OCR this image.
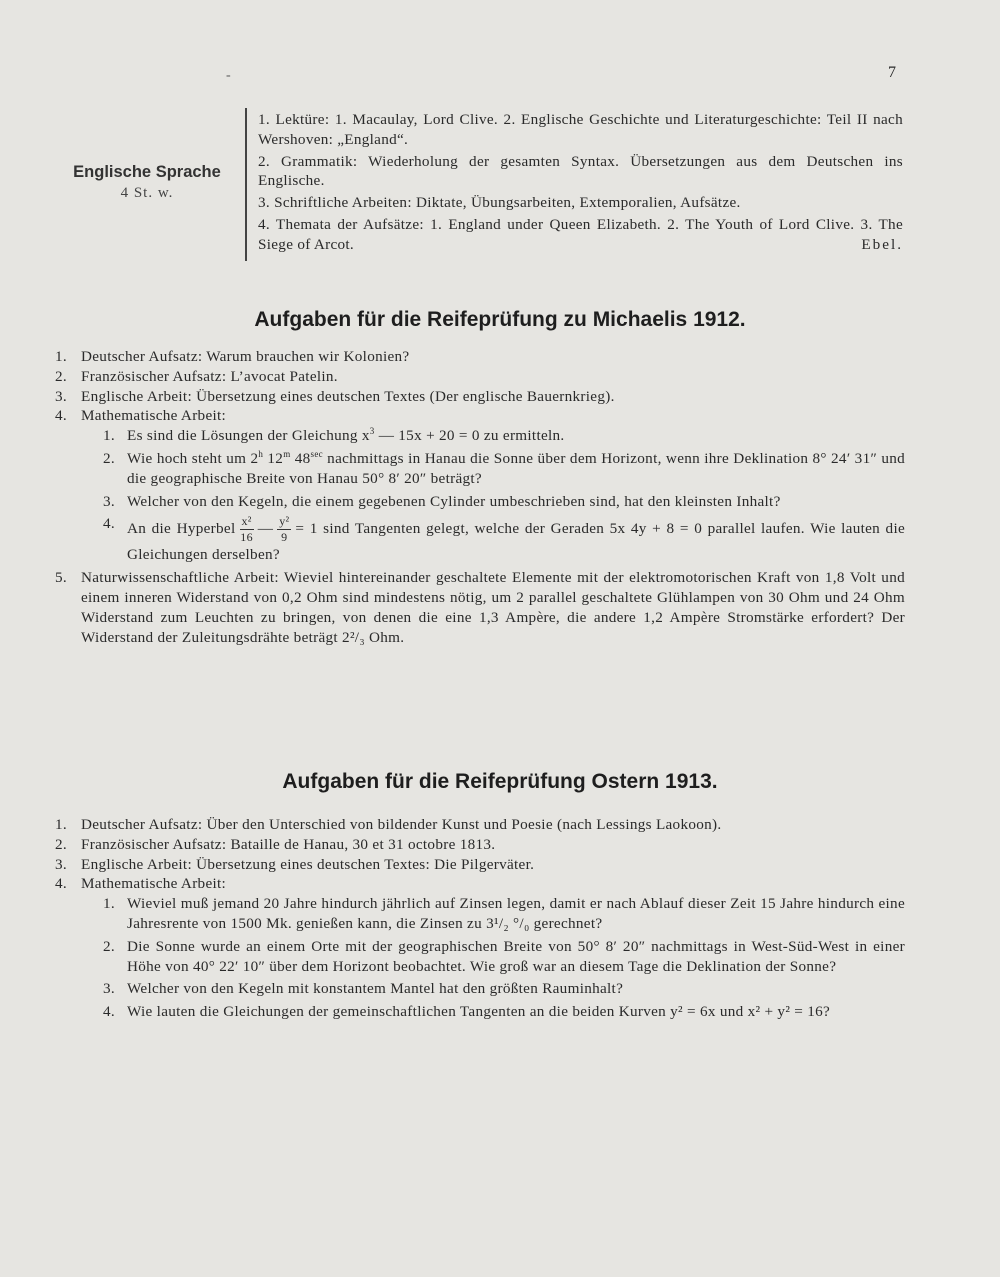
-	7
Englische Sprache
4 St. w.

1. Lektüre: 1. Macaulay, Lord Clive. 2. Englische Geschichte und Literaturgeschichte: Teil II nach Wershoven: „England“.

2. Grammatik: Wiederholung der gesamten Syntax. Übersetzungen aus dem Deutschen ins Englische.

3. Schriftliche Arbeiten: Diktate, Übungsarbeiten, Extemporalien, Aufsätze.

4. Themata der Aufsätze: 1. England under Queen Elizabeth. 2. The Youth of Lord Clive. 3. The Siege of Arcot.	Ebel.

Aufgaben für die Reifeprüfung zu Michaelis 1912.

1. Deutscher Aufsatz: Warum brauchen wir Kolonien?

2. Französischer Aufsatz: L’avocat Patelin.

3. Englische Arbeit: Übersetzung eines deutschen Textes (Der englische Bauernkrieg).

4. Mathematische Arbeit:

1. Es sind die Lösungen der Gleichung $x^3$ — 15x + 20 = 0 zu ermitteln.
2. Wie hoch steht um 2$^h$ 12$^m$ $48^{sec}$ nachmittags in Hanau die Sonne über dem Horizont, wenn ihre Deklination 8° 24′ 31″ und die geographische Breite von Hanau 50° 8′ 20″ beträgt?
3. Welcher von den Kegeln, die einem gegebenen Cylinder umbeschrieben sind, hat den kleinsten Inhalt?
4. An die Hyperbel $\frac{\text{x²}}{16}$ — $\frac{\text{y²}}{9} = 1$ sind Tangenten gelegt, welche der Geraden 5x 4y + 8 = 0 parallel laufen. Wie lauten die Gleichungen derselben?
5. Naturwissenschaftliche Arbeit: Wieviel hintereinander geschaltete Elemente mit der elektromotorischen Kraft von 1,8 Volt und einem inneren Widerstand von 0,2 Ohm sind mindestens nötig, um 2 parallel geschaltete Glühlampen von 30 Ohm und 24 Ohm Widerstand zum Leuchten zu bringen, von denen die eine 1,3 Ampère, die andere 1,2 Ampère Stromstärke erfordert? Der Widerstand der Zuleitungsdrähte beträgt 2²/₃ Ohm.
Aufgaben für die Reifeprüfung Ostern 1913.

1. Deutscher Aufsatz: Über den Unterschied von bildender Kunst und Poesie (nach Lessings Laokoon).

2. Französischer Aufsatz: Bataille de Hanau, 30 et 31 octobre 1813.

3. Englische Arbeit: Übersetzung eines deutschen Textes: Die Pilgerväter.

4. Mathematische Arbeit:

1. Wieviel muß jemand 20 Jahre hindurch jährlich auf Zinsen legen, damit er nach Ablauf dieser Zeit 15 Jahre hindurch eine Jahresrente von 1500 Mk. genießen kann, die Zinsen zu 3¹/₂ °/₀ gerechnet?
2. Die Sonne wurde an einem Orte mit der geographischen Breite von 50° 8′ 20″ nachmittags in West-Süd-West in einer Höhe von 40° 22′ 10″ über dem Horizont beobachtet. Wie groß war an diesem Tage die Deklination der Sonne?
3. Welcher von den Kegeln mit konstantem Mantel hat den größten Rauminhalt?
4. Wie lauten die Gleichungen der gemeinschaftlichen Tangenten an die beiden Kurven y² = 6x und x² + y² = 16?
